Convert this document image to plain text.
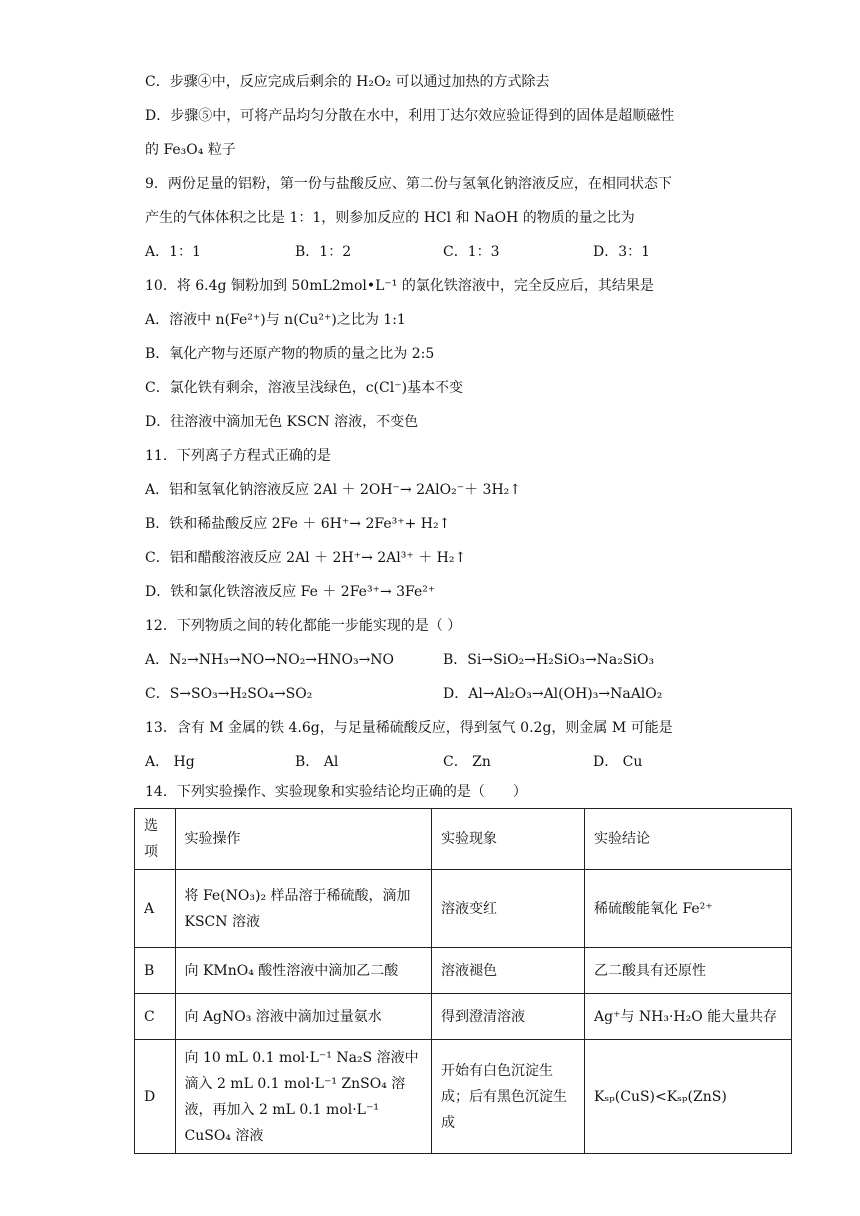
C．步骤④中，反应完成后剩余的 H₂O₂ 可以通过加热的方式除去
D．步骤⑤中，可将产品均匀分散在水中，利用丁达尔效应验证得到的固体是超顺磁性
的 Fe₃O₄ 粒子
9．两份足量的铝粉，第一份与盐酸反应、第二份与氢氧化钠溶液反应，在相同状态下
产生的气体体积之比是 1：1，则参加反应的 HCl 和 NaOH 的物质的量之比为
A．1：1	B．1：2	C．1：3	D．3：1
10．将 6.4g 铜粉加到 50mL2mol•L⁻¹ 的氯化铁溶液中，完全反应后，其结果是
A．溶液中 n(Fe²⁺)与 n(Cu²⁺)之比为 1:1
B．氧化产物与还原产物的物质的量之比为 2:5
C．氯化铁有剩余，溶液呈浅绿色，c(Cl⁻)基本不变
D．往溶液中滴加无色 KSCN 溶液，不变色
11．下列离子方程式正确的是
A．铝和氢氧化钠溶液反应 2Al ＋ 2OH⁻→ 2AlO₂⁻＋ 3H₂↑
B．铁和稀盐酸反应 2Fe ＋ 6H⁺→ 2Fe³⁺+ H₂↑
C．铝和醋酸溶液反应 2Al ＋ 2H⁺→ 2Al³⁺ ＋ H₂↑
D．铁和氯化铁溶液反应 Fe ＋ 2Fe³⁺→ 3Fe²⁺
12．下列物质之间的转化都能一步能实现的是（ ）
A．N₂→NH₃→NO→NO₂→HNO₃→NO	B．Si→SiO₂→H₂SiO₃→Na₂SiO₃
C．S→SO₃→H₂SO₄→SO₂	D．Al→Al₂O₃→Al(OH)₃→NaAlO₂
13．含有 M 金属的铁 4.6g，与足量稀硫酸反应，得到氢气 0.2g，则金属 M 可能是
A． Hg	B． Al	C． Zn	D． Cu
14．下列实验操作、实验现象和实验结论均正确的是（　　）
选项	实验操作	实验现象	实验结论
A	将 Fe(NO₃)₂ 样品溶于稀硫酸，滴加 KSCN 溶液	溶液变红	稀硫酸能氧化 Fe²⁺
B	向 KMnO₄ 酸性溶液中滴加乙二酸	溶液褪色	乙二酸具有还原性
C	向 AgNO₃ 溶液中滴加过量氨水	得到澄清溶液	Ag⁺与 NH₃·H₂O 能大量共存
D	向 10 mL 0.1 mol·L⁻¹ Na₂S 溶液中滴入 2 mL 0.1 mol·L⁻¹ ZnSO₄ 溶液，再加入 2 mL 0.1 mol·L⁻¹ CuSO₄ 溶液	开始有白色沉淀生成；后有黑色沉淀生成	Kₛₚ(CuS)<Kₛₚ(ZnS)
